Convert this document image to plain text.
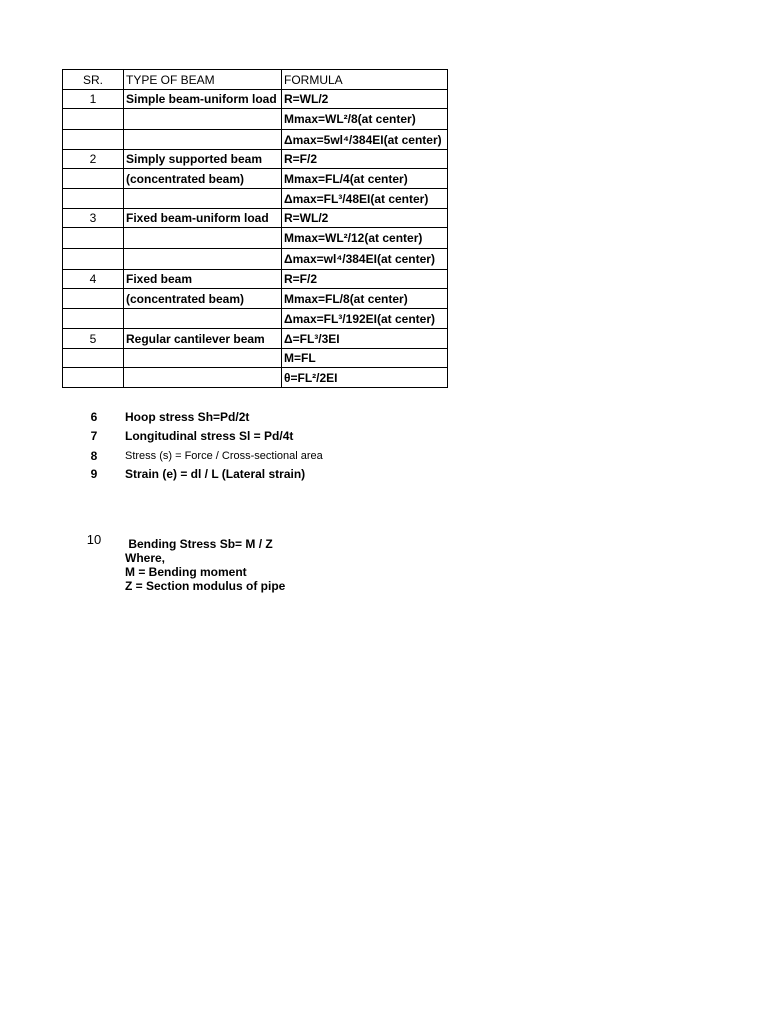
SR.	TYPE OF BEAM	FORMULA
1	Simple beam-uniform load	R=WL/2
		Mmax=WL²/8(at center)
		Δmax=5wl⁴/384EI(at center)
2	Simply supported beam	R=F/2
	(concentrated beam)	Mmax=FL/4(at center)
		Δmax=FL³/48EI(at center)
3	Fixed beam-uniform load	R=WL/2
		Mmax=WL²/12(at center)
		Δmax=wl⁴/384EI(at center)
4	Fixed beam	R=F/2
	(concentrated beam)	Mmax=FL/8(at center)
		Δmax=FL³/192EI(at center)
5	Regular cantilever beam	Δ=FL³/3EI
		M=FL
		θ=FL²/2EI
6	Hoop stress Sh=Pd/2t
7	Longitudinal stress Sl = Pd/4t
8	Stress (s) = Force / Cross-sectional area
9	Strain (e) = dl / L (Lateral strain)
10 Bending Stress Sb= M / Z
Where,
M = Bending moment
Z = Section modulus of pipe
